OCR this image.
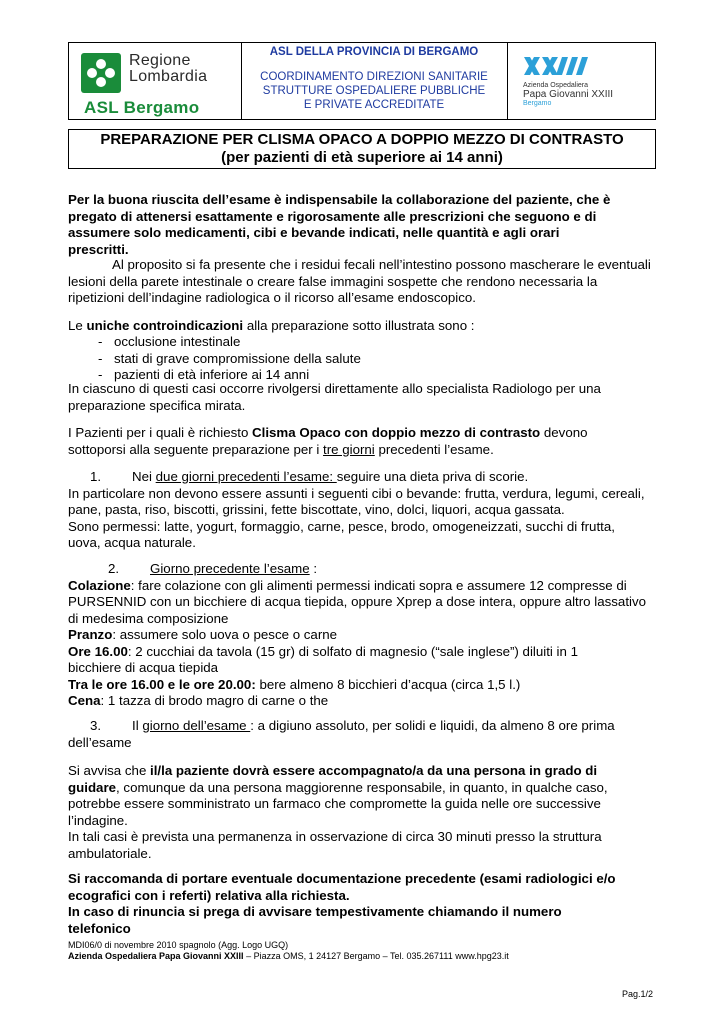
Regione
Lombardia
ASL Bergamo
ASL DELLA PROVINCIA DI BERGAMO
COORDINAMENTO DIREZIONI SANITARIE
STRUTTURE OSPEDALIERE PUBBLICHE
E PRIVATE ACCREDITATE
Azienda Ospedaliera
Papa Giovanni XXIII
Bergamo
PREPARAZIONE PER CLISMA OPACO A DOPPIO MEZZO DI CONTRASTO
(per pazienti di età superiore ai 14 anni)
Per la buona riuscita dell’esame è indispensabile la collaborazione del paziente, che è
pregato di attenersi esattamente e rigorosamente alle prescrizioni che seguono e di
assumere solo medicamenti, cibi e bevande indicati, nelle quantità e agli orari
prescritti.
Al proposito si fa presente che i residui fecali nell’intestino possono mascherare le eventuali
lesioni della parete intestinale o creare false immagini sospette che rendono necessaria la
ripetizioni dell’indagine radiologica o il ricorso all’esame endoscopico.
Le uniche controindicazioni alla preparazione sotto illustrata sono :
- occlusione intestinale
- stati di grave compromissione della salute
- pazienti di età inferiore ai 14 anni
In ciascuno di questi casi occorre rivolgersi direttamente allo specialista Radiologo per una
preparazione specifica mirata.
I Pazienti per i quali è richiesto Clisma Opaco con doppio mezzo di contrasto devono
sottoporsi alla seguente preparazione per i tre giorni precedenti l’esame.
1. Nei due giorni precedenti l’esame: seguire una dieta priva di scorie.
In particolare non devono essere assunti i seguenti cibi o bevande: frutta, verdura, legumi, cereali,
pane, pasta, riso, biscotti, grissini, fette biscottate, vino, dolci, liquori, acqua gassata.
Sono permessi: latte, yogurt, formaggio, carne, pesce, brodo, omogeneizzati, succhi di frutta,
uova, acqua naturale.
2. Giorno precedente l’esame :
Colazione: fare colazione con gli alimenti permessi indicati sopra e assumere 12 compresse di
PURSENNID con un bicchiere di acqua tiepida, oppure Xprep a dose intera, oppure altro lassativo
di medesima composizione
Pranzo: assumere solo uova o pesce o carne
Ore 16.00: 2 cucchiai da tavola (15 gr) di solfato di magnesio (“sale inglese”) diluiti in 1
bicchiere di acqua tiepida
Tra le ore 16.00 e le ore 20.00: bere almeno 8 bicchieri d’acqua (circa 1,5 l.)
Cena: 1 tazza di brodo magro di carne o the
3. Il giorno dell’esame : a digiuno assoluto, per solidi e liquidi, da almeno 8 ore prima
dell’esame
Si avvisa che il/la paziente dovrà essere accompagnato/a da una persona in grado di
guidare, comunque da una persona maggiorenne responsabile, in quanto, in qualche caso,
potrebbe essere somministrato un farmaco che compromette la guida nelle ore successive
l’indagine.
In tali casi è prevista una permanenza in osservazione di circa 30 minuti presso la struttura
ambulatoriale.
Si raccomanda di portare eventuale documentazione precedente (esami radiologici e/o
ecografici con i referti) relativa alla richiesta.
In caso di rinuncia si prega di avvisare tempestivamente chiamando il numero
telefonico
MDI06/0 di novembre 2010 spagnolo (Agg. Logo UGQ)
Azienda Ospedaliera Papa Giovanni XXIII – Piazza OMS, 1 24127 Bergamo – Tel. 035.267111 www.hpg23.it
Pag.1/2
